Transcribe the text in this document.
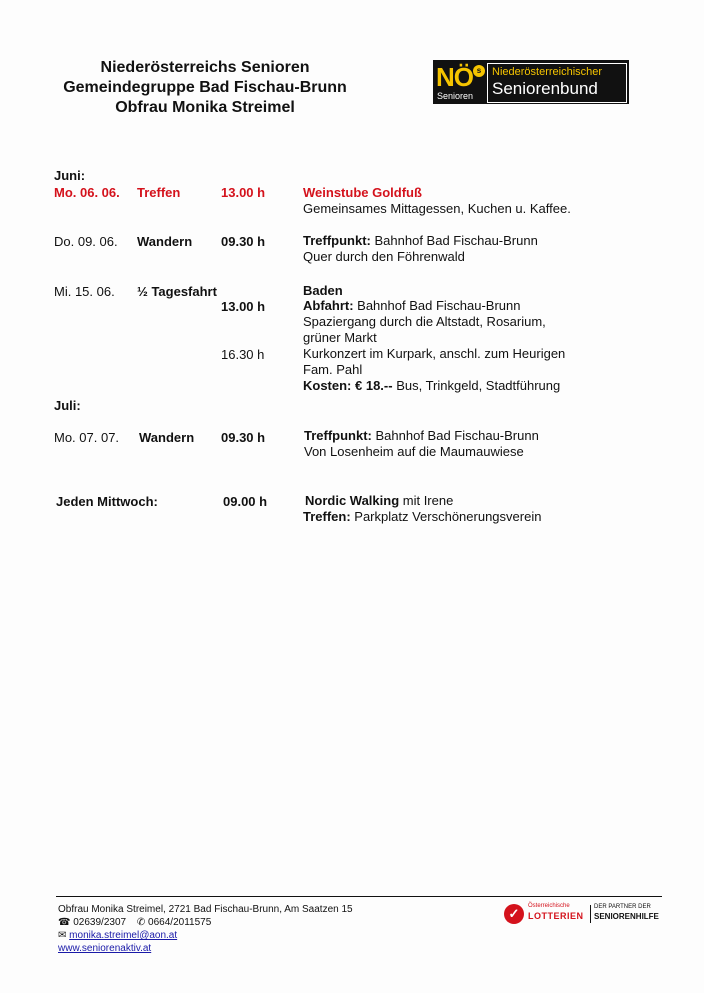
Niederösterreichs Senioren
Gemeindegruppe Bad Fischau-Brunn
Obfrau Monika Streimel
NÖ s
Senioren
Niederösterreichischer
Seniorenbund
Juni:
Mo. 06. 06. Treffen	13.00 h	Weinstube Goldfuß
Gemeinsames Mittagessen, Kuchen u. Kaffee.
Do. 09. 06. Wandern 09.30 h	Treffpunkt: Bahnhof Bad Fischau-Brunn
Quer durch den Föhrenwald
Mi. 15. 06. ½ Tagesfahrt	Baden
13.00 h	Abfahrt: Bahnhof Bad Fischau-Brunn
Spaziergang durch die Altstadt, Rosarium,
grüner Markt
16.30 h	Kurkonzert im Kurpark, anschl. zum Heurigen
Fam. Pahl
Kosten: € 18.-- Bus, Trinkgeld, Stadtführung
Juli:
Mo. 07. 07. Wandern 09.30 h	Treffpunkt: Bahnhof Bad Fischau-Brunn
Von Losenheim auf die Maumauwiese
Jeden Mittwoch:	09.00 h	Nordic Walking mit Irene
Treffen: Parkplatz Verschönerungsverein
Obfrau Monika Streimel, 2721 Bad Fischau-Brunn, Am Saatzen 15
☎ 02639/2307 ✆ 0664/2011575
✉ monika.streimel@aon.at
www.seniorenaktiv.at
✓	Österreichische
LOTTERIEN
DER PARTNER DER
SENIORENHILFE
